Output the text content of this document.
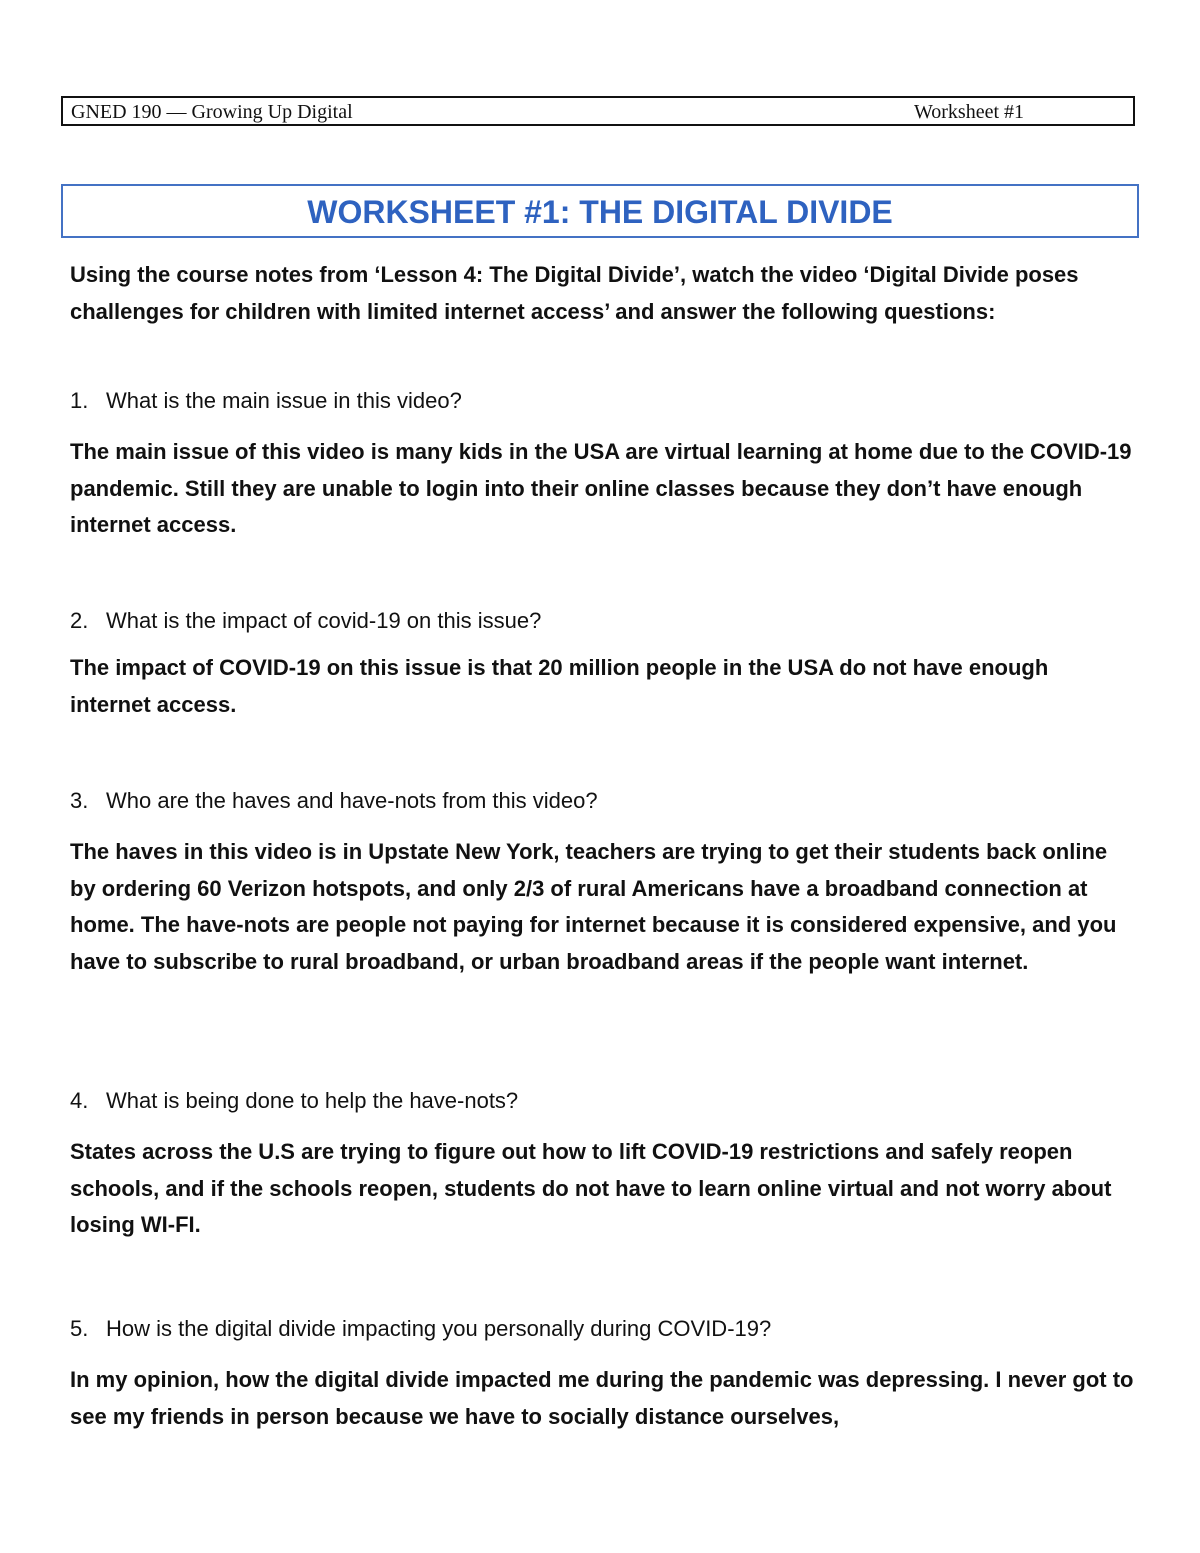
GNED 190 — Growing Up Digital	Worksheet #1
WORKSHEET #1: THE DIGITAL DIVIDE

Using the course notes from ‘Lesson 4: The Digital Divide’, watch the video ‘Digital Divide poses challenges for children with limited internet access’ and answer the following questions:

1. What is the main issue in this video?

The main issue of this video is many kids in the USA are virtual learning at home due to the COVID-19 pandemic. Still they are unable to login into their online classes because they don’t have enough internet access.

2. What is the impact of covid-19 on this issue?

The impact of COVID-19 on this issue is that 20 million people in the USA do not have enough internet access.

3. Who are the haves and have-nots from this video?

The haves in this video is in Upstate New York, teachers are trying to get their students back online by ordering 60 Verizon hotspots, and only 2/3 of rural Americans have a broadband connection at home. The have-nots are people not paying for internet because it is considered expensive, and you have to subscribe to rural broadband, or urban broadband areas if the people want internet.

4. What is being done to help the have-nots?

States across the U.S are trying to figure out how to lift COVID-19 restrictions and safely reopen schools, and if the schools reopen, students do not have to learn online virtual and not worry about losing WI-FI.

5. How is the digital divide impacting you personally during COVID-19?

In my opinion, how the digital divide impacted me during the pandemic was depressing. I never got to see my friends in person because we have to socially distance ourselves,
